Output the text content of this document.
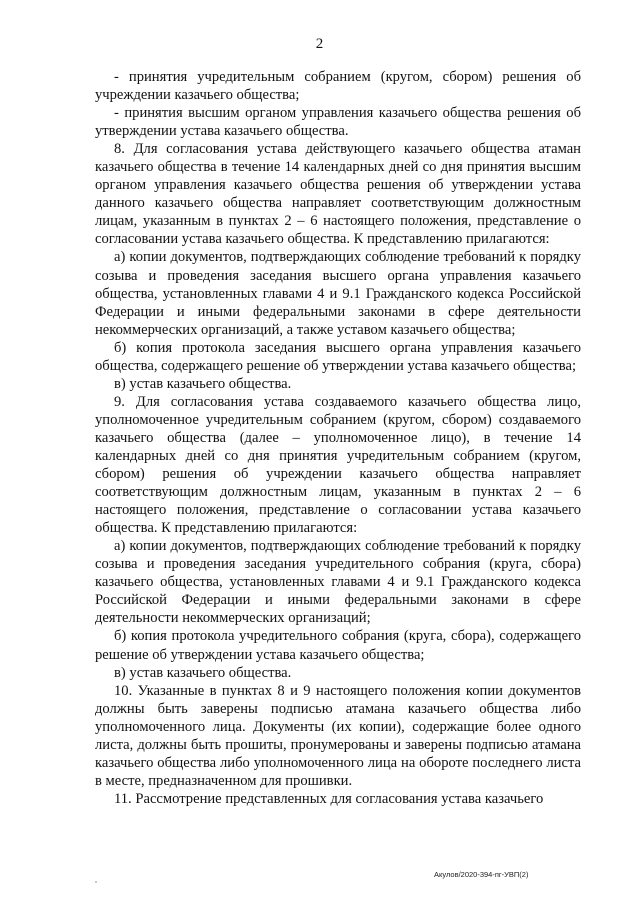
2

- принятия учредительным собранием (кругом, сбором) решения об учреждении казачьего общества;

- принятия высшим органом управления казачьего общества решения об утверждении устава казачьего общества.

8. Для согласования устава действующего казачьего общества атаман казачьего общества в течение 14 календарных дней со дня принятия высшим органом управления казачьего общества решения об утверждении устава данного казачьего общества направляет соответствующим должностным лицам, указанным в пунктах 2 – 6 настоящего положения, представление о согласовании устава казачьего общества. К представлению прилагаются:

а) копии документов, подтверждающих соблюдение требований к порядку созыва и проведения заседания высшего органа управления казачьего общества, установленных главами 4 и 9.1 Гражданского кодекса Российской Федерации и иными федеральными законами в сфере деятельности некоммерческих организаций, а также уставом казачьего общества;

б) копия протокола заседания высшего органа управления казачьего общества, содержащего решение об утверждении устава казачьего общества;

в) устав казачьего общества.

9. Для согласования устава создаваемого казачьего общества лицо, уполномоченное учредительным собранием (кругом, сбором) создаваемого казачьего общества (далее – уполномоченное лицо), в течение 14 календарных дней со дня принятия учредительным собранием (кругом, сбором) решения об учреждении казачьего общества направляет соответствующим должностным лицам, указанным в пунктах 2 – 6 настоящего положения, представление о согласовании устава казачьего общества. К представлению прилагаются:

а) копии документов, подтверждающих соблюдение требований к порядку созыва и проведения заседания учредительного собрания (круга, сбора) казачьего общества, установленных главами 4 и 9.1 Гражданского кодекса Российской Федерации и иными федеральными законами в сфере деятельности некоммерческих организаций;

б) копия протокола учредительного собрания (круга, сбора), содержащего решение об утверждении устава казачьего общества;

в) устав казачьего общества.

10. Указанные в пунктах 8 и 9 настоящего положения копии документов должны быть заверены подписью атамана казачьего общества либо уполномоченного лица. Документы (их копии), содержащие более одного листа, должны быть прошиты, пронумерованы и заверены подписью атамана казачьего общества либо уполномоченного лица на обороте последнего листа в месте, предназначенном для прошивки.

11. Рассмотрение представленных для согласования устава казачьего

Акулов/2020-394-пг-УВП(2)
